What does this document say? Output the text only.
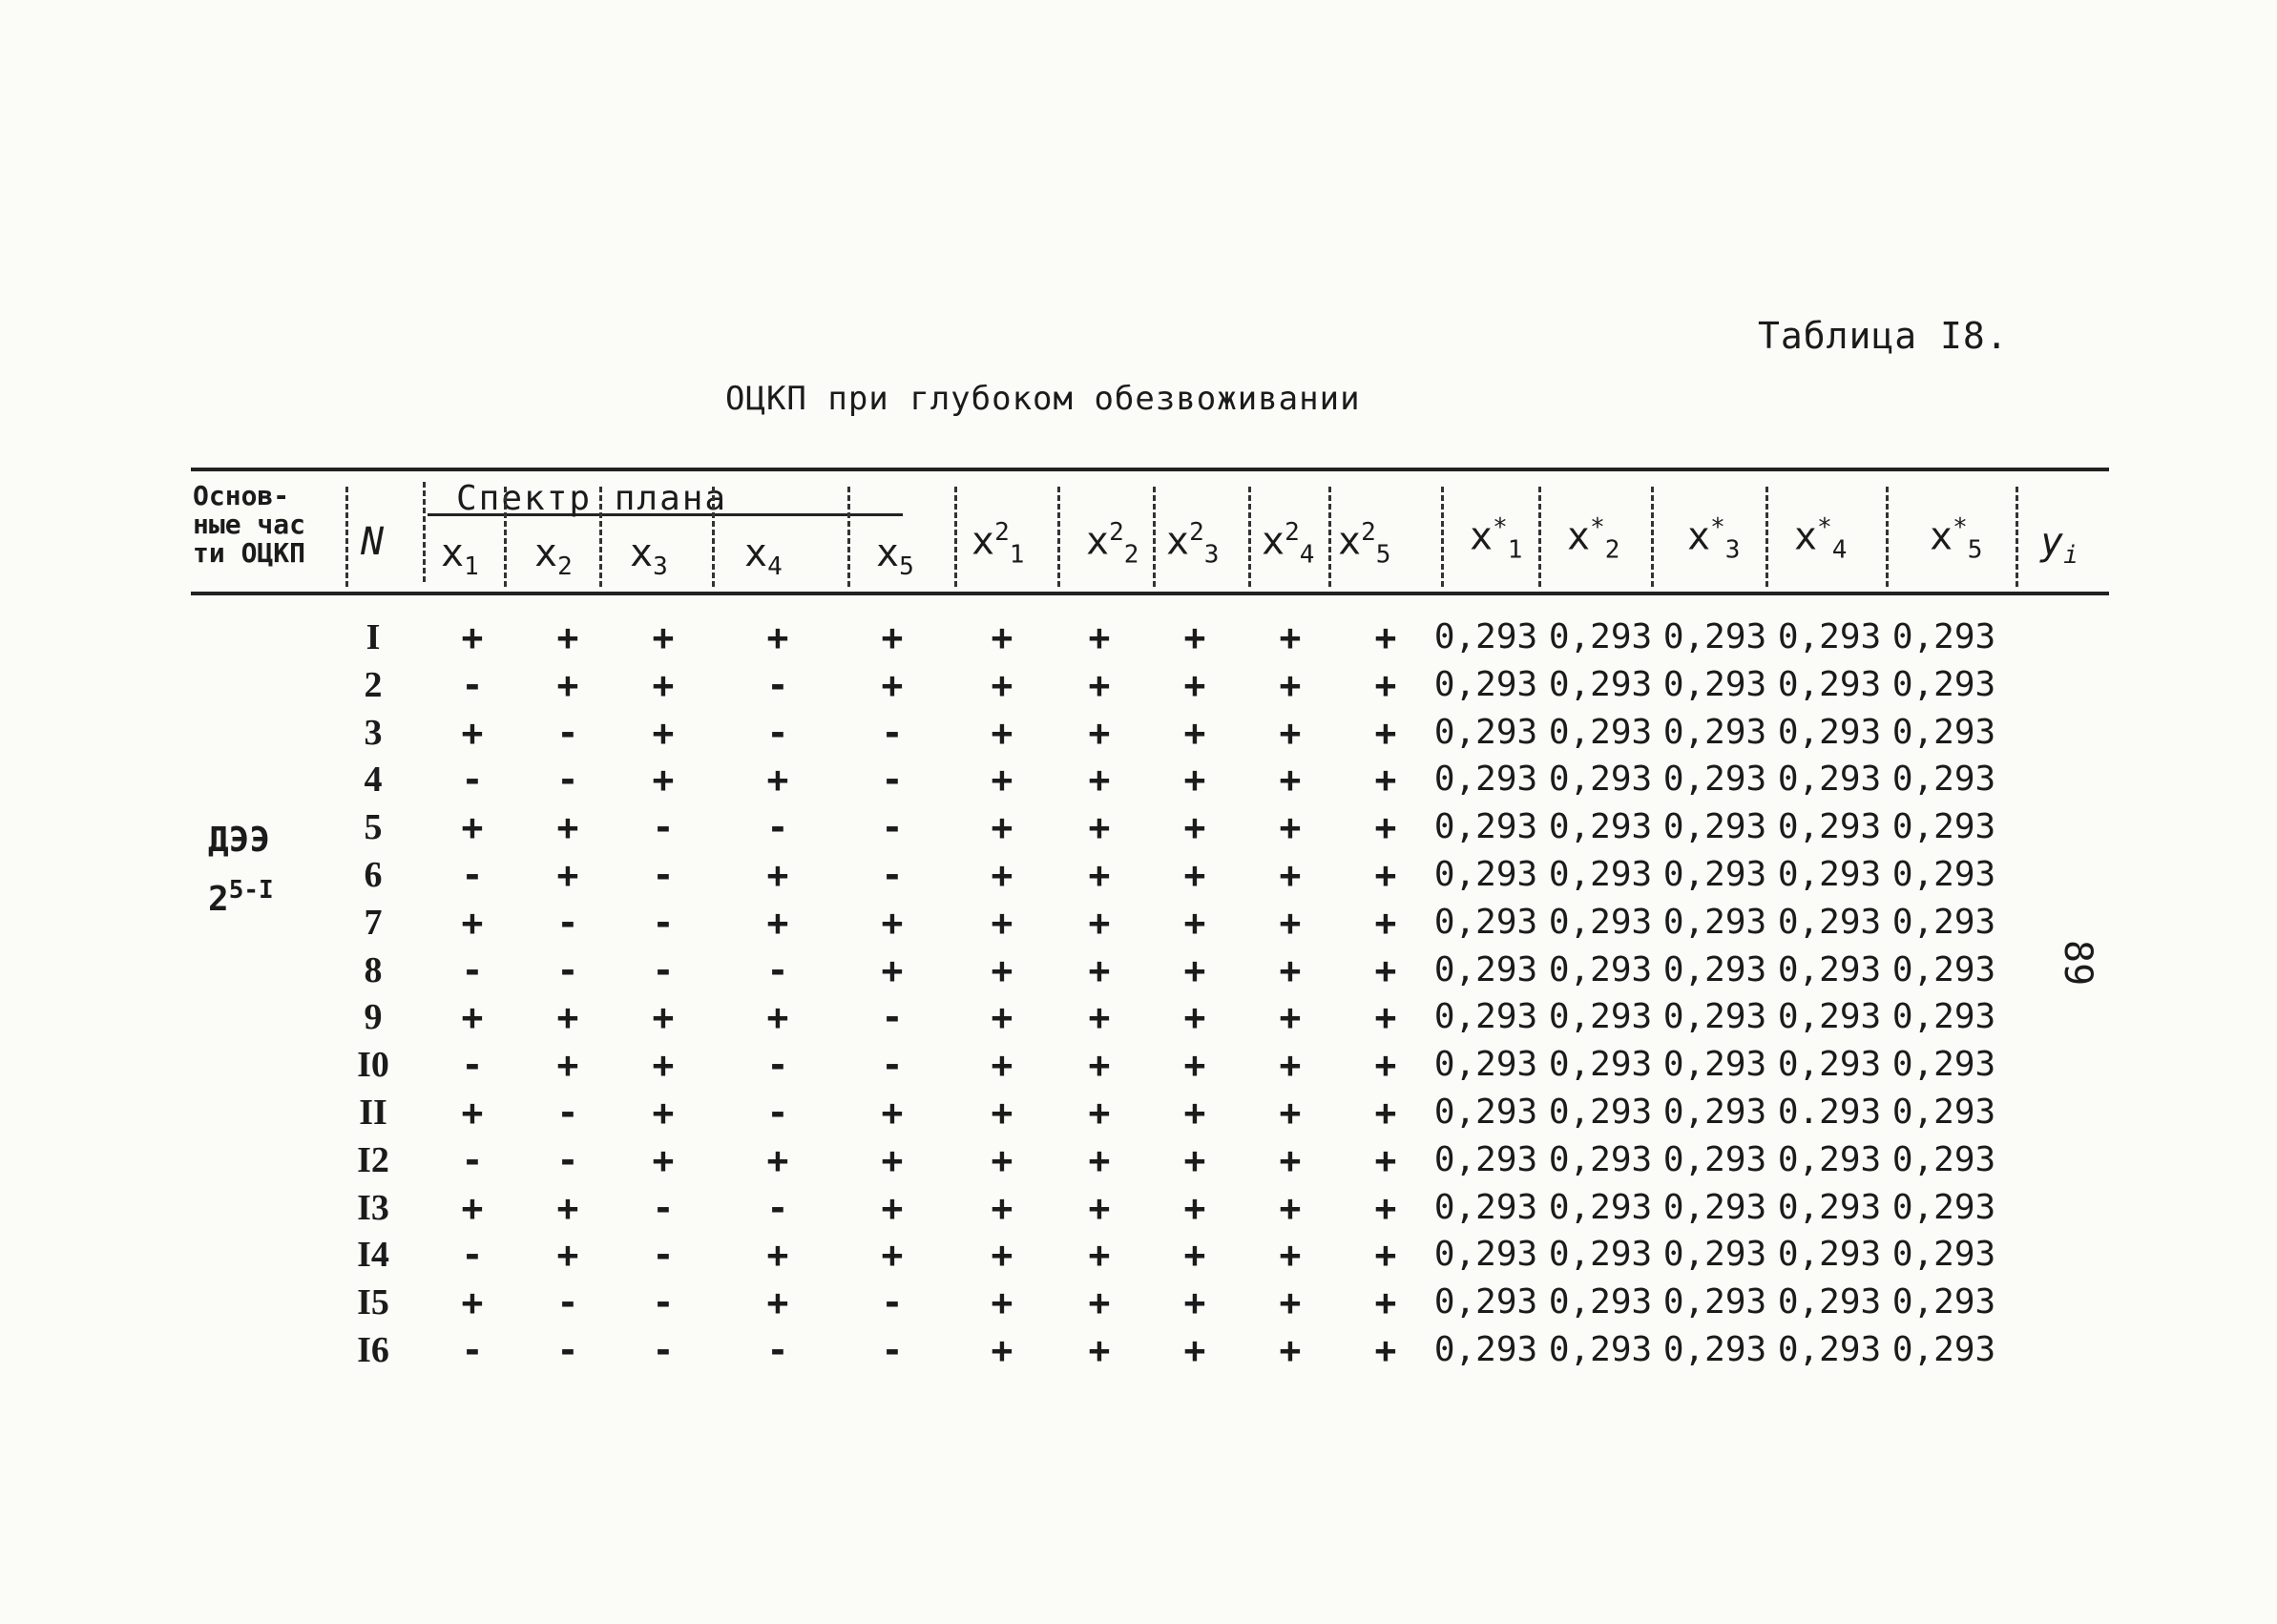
Таблица I8.
ОЦКП при глубоком обезвоживании
89
Основ-
ные час
ти ОЦКП N
Спектр плана
$x_1$ $x_2$ $x_3$ $x_4$ $x_5$
$x^2_1$ $x^2_2$ $x^2_3$ $x^2_4$ $x^2_5$ $x^*_1$ $x^*_2$ $x^*_3$ $x^*_4$ $x^*_5$ $y_i$
ДЭЭ
$2^{5-I}$
I	+	+	+	+	+	+	+	+	+	+	0,293 0,293 0,293 0,293 0,293
2	-	+	+	-	+	+	+	+	+	+	0,293 0,293 0,293 0,293 0,293
3	+	-	+	-	-	+	+	+	+	+	0,293 0,293 0,293 0,293 0,293
4	-	-	+	+	-	+	+	+	+	+	0,293 0,293 0,293 0,293 0,293
5	+	+	-	-	-	+	+	+	+	+	0,293 0,293 0,293 0,293 0,293
6	-	+	-	+	-	+	+	+	+	+	0,293 0,293 0,293 0,293 0,293
7	+	-	-	+	+	+	+	+	+	+	0,293 0,293 0,293 0,293 0,293
8	-	-	-	-	+	+	+	+	+	+	0,293 0,293 0,293 0,293 0,293
9	+	+	+	+	-	+	+	+	+	+	0,293 0,293 0,293 0,293 0,293
I0	-	+	+	-	-	+	+	+	+	+	0,293 0,293 0,293 0,293 0,293
II	+	-	+	-	+	+	+	+	+	+	0,293 0,293 0,293 0.293 0,293
I2	-	-	+	+	+	+	+	+	+	+	0,293 0,293 0,293 0,293 0,293
I3	+	+	-	-	+	+	+	+	+	+	0,293 0,293 0,293 0,293 0,293
I4	-	+	-	+	+	+	+	+	+	+	0,293 0,293 0,293 0,293 0,293
I5	+	-	-	+	-	+	+	+	+	+	0,293 0,293 0,293 0,293 0,293
I6	-	-	-	-	-	+	+	+	+	+	0,293 0,293 0,293 0,293 0,293
